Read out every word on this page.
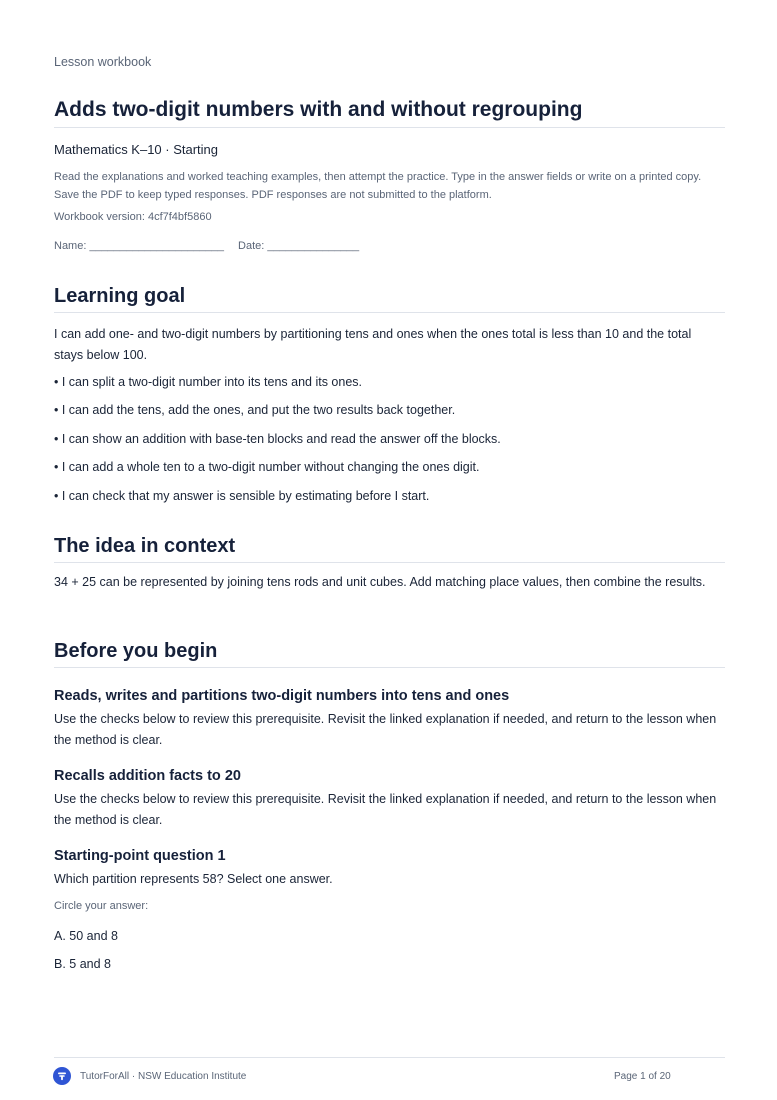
Lesson workbook
Adds two-digit numbers with and without regrouping
Mathematics K–10 · Starting
Read the explanations and worked teaching examples, then attempt the practice. Type in the answer fields or write on a printed copy. Save the PDF to keep typed responses. PDF responses are not submitted to the platform.
Workbook version: 4cf7f4bf5860
Name: ______________________ Date: _______________
Learning goal
I can add one- and two-digit numbers by partitioning tens and ones when the ones total is less than 10 and the total stays below 100.
• I can split a two-digit number into its tens and its ones.
• I can add the tens, add the ones, and put the two results back together.
• I can show an addition with base-ten blocks and read the answer off the blocks.
• I can add a whole ten to a two-digit number without changing the ones digit.
• I can check that my answer is sensible by estimating before I start.
The idea in context
34 + 25 can be represented by joining tens rods and unit cubes. Add matching place values, then combine the results.
Before you begin
Reads, writes and partitions two-digit numbers into tens and ones
Use the checks below to review this prerequisite. Revisit the linked explanation if needed, and return to the lesson when the method is clear.
Recalls addition facts to 20
Use the checks below to review this prerequisite. Revisit the linked explanation if needed, and return to the lesson when the method is clear.
Starting-point question 1
Which partition represents 58? Select one answer.
Circle your answer:
A. 50 and 8
B. 5 and 8
TutorForAll · NSW Education Institute	Page 1 of 20
